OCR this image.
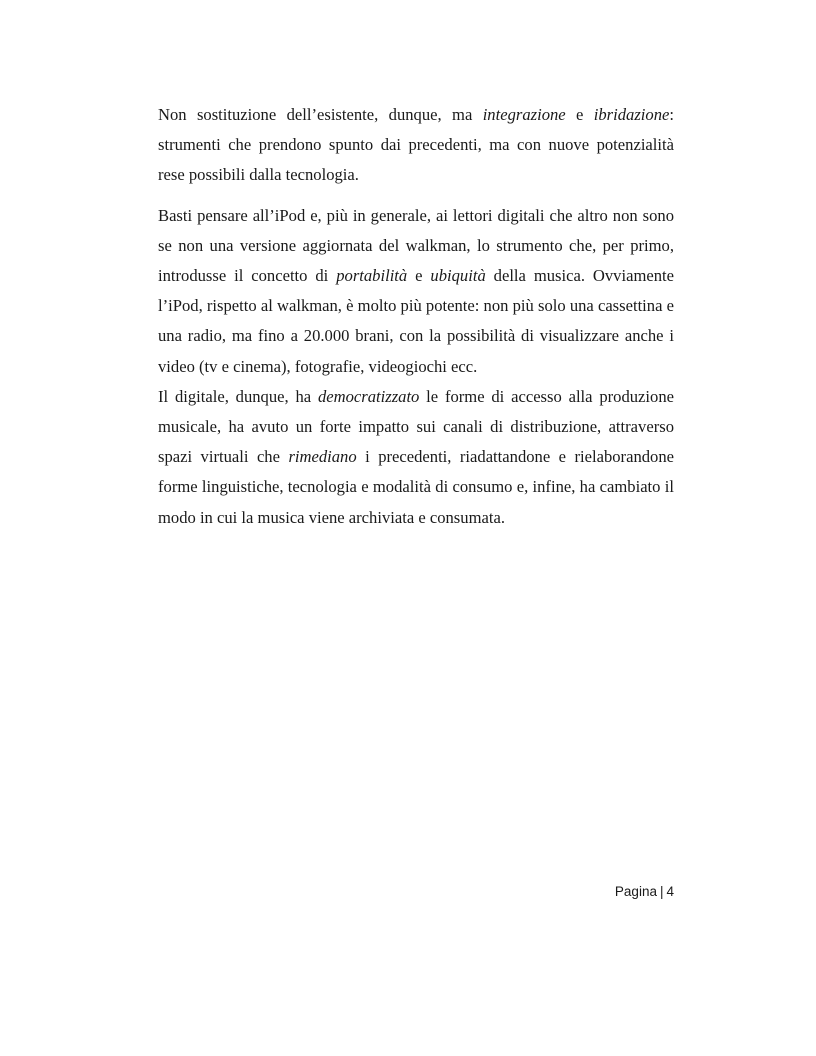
Non sostituzione dell’esistente, dunque, ma integrazione e ibridazione: strumenti che prendono spunto dai precedenti, ma con nuove potenzialità rese possibili dalla tecnologia.

Basti pensare all’iPod e, più in generale, ai lettori digitali che altro non sono se non una versione aggiornata del walkman, lo strumento che, per primo, introdusse il concetto di portabilità e ubiquità della musica. Ovviamente l’iPod, rispetto al walkman, è molto più potente: non più solo una cassettina e una radio, ma fino a 20.000 brani, con la possibilità di visualizzare anche i video (tv e cinema), fotografie, videogiochi ecc.

Il digitale, dunque, ha democratizzato le forme di accesso alla produzione musicale, ha avuto un forte impatto sui canali di distribuzione, attraverso spazi virtuali che rimediano i precedenti, riadattandone e rielaborandone forme linguistiche, tecnologia e modalità di consumo e, infine, ha cambiato il modo in cui la musica viene archiviata e consumata.

Pagina | 4
